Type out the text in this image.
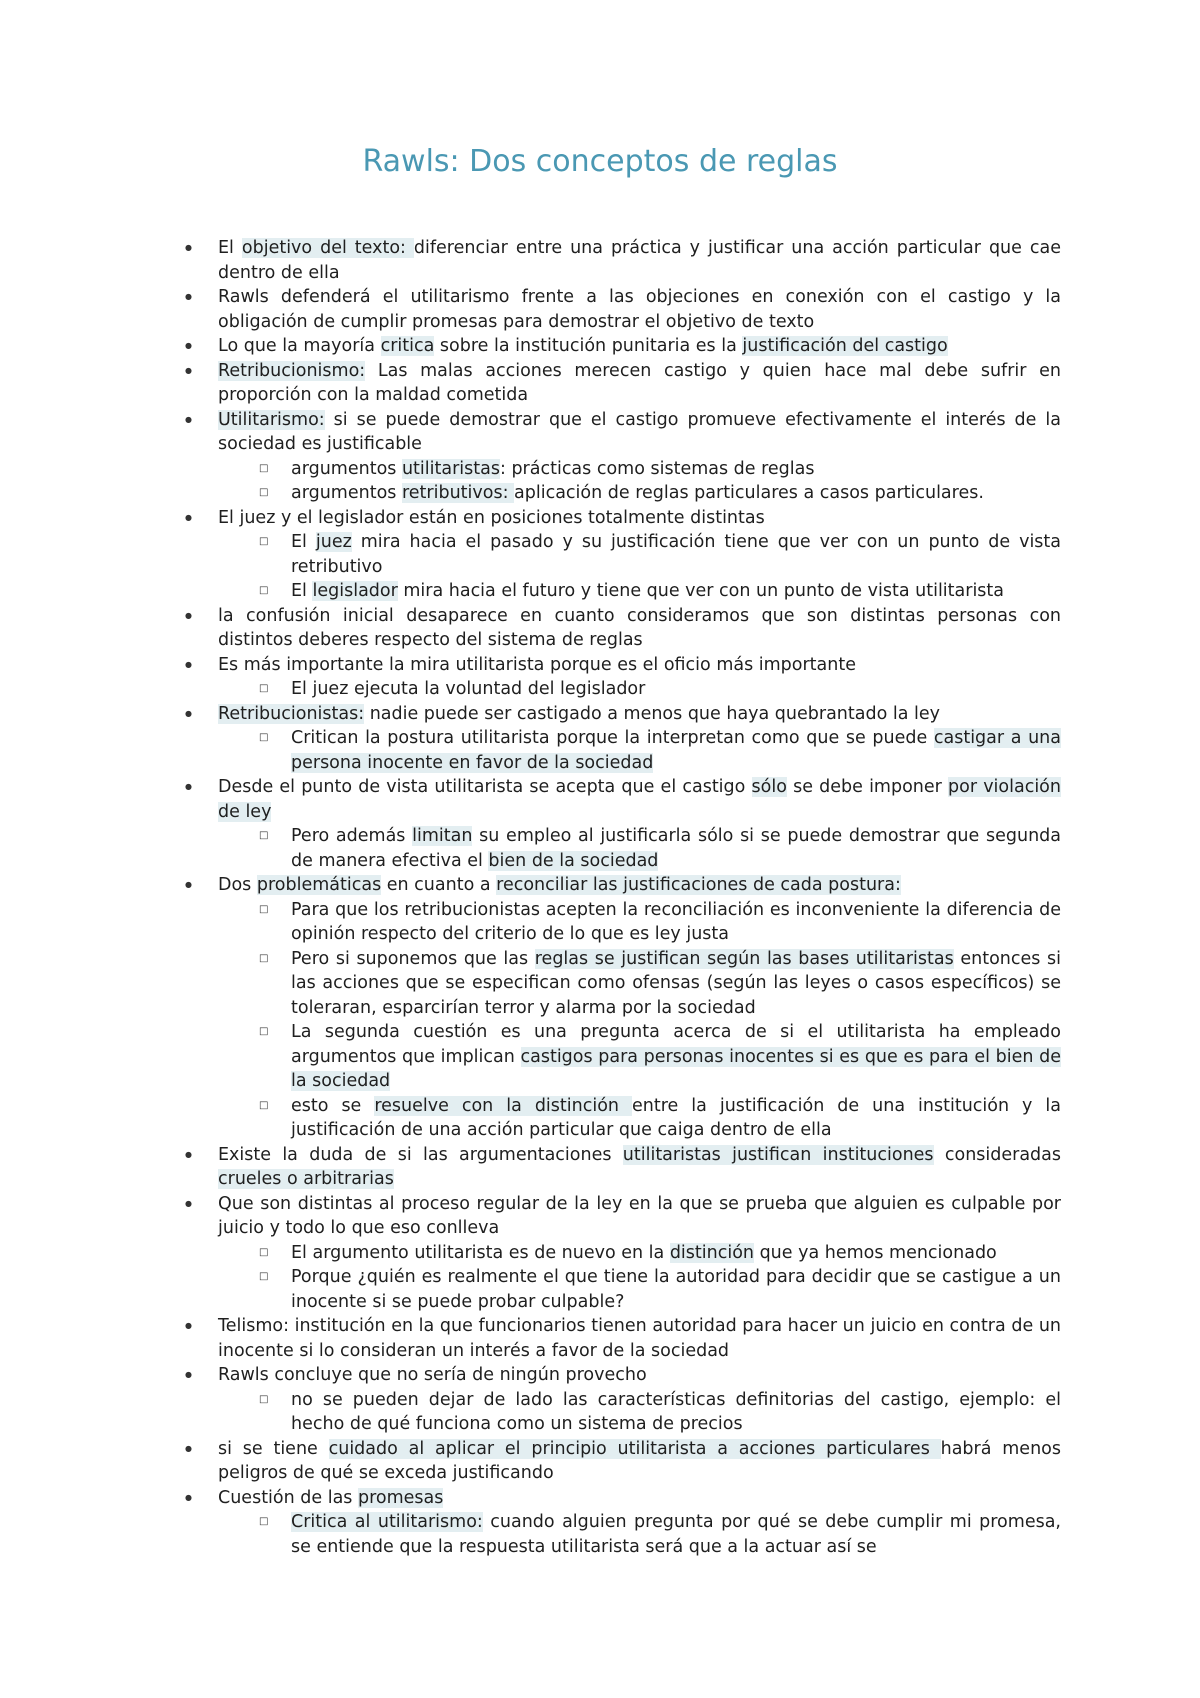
Rawls: Dos conceptos de reglas
● El objetivo del texto: diferenciar entre una práctica y justificar una acción particular que cae dentro de ella
● Rawls defenderá el utilitarismo frente a las objeciones en conexión con el castigo y la obligación de cumplir promesas para demostrar el objetivo de texto
● Lo que la mayoría critica sobre la institución punitaria es la justificación del castigo
● Retribucionismo: Las malas acciones merecen castigo y quien hace mal debe sufrir en proporción con la maldad cometida
● Utilitarismo: si se puede demostrar que el castigo promueve efectivamente el interés de la sociedad es justificable
□ argumentos utilitaristas: prácticas como sistemas de reglas
□ argumentos retributivos: aplicación de reglas particulares a casos particulares.
● El juez y el legislador están en posiciones totalmente distintas
□ El juez mira hacia el pasado y su justificación tiene que ver con un punto de vista retributivo
□ El legislador mira hacia el futuro y tiene que ver con un punto de vista utilitarista
● la confusión inicial desaparece en cuanto consideramos que son distintas personas con distintos deberes respecto del sistema de reglas
● Es más importante la mira utilitarista porque es el oficio más importante
□ El juez ejecuta la voluntad del legislador
● Retribucionistas: nadie puede ser castigado a menos que haya quebrantado la ley
□ Critican la postura utilitarista porque la interpretan como que se puede castigar a una persona inocente en favor de la sociedad
● Desde el punto de vista utilitarista se acepta que el castigo sólo se debe imponer por violación de ley
□ Pero además limitan su empleo al justificarla sólo si se puede demostrar que segunda de manera efectiva el bien de la sociedad
● Dos problemáticas en cuanto a reconciliar las justificaciones de cada postura:
□ Para que los retribucionistas acepten la reconciliación es inconveniente la diferencia de opinión respecto del criterio de lo que es ley justa
□ Pero si suponemos que las reglas se justifican según las bases utilitaristas entonces si las acciones que se especifican como ofensas (según las leyes o casos específicos) se toleraran, esparcirían terror y alarma por la sociedad
□ La segunda cuestión es una pregunta acerca de si el utilitarista ha empleado argumentos que implican castigos para personas inocentes si es que es para el bien de la sociedad
□ esto se resuelve con la distinción entre la justificación de una institución y la justificación de una acción particular que caiga dentro de ella
● Existe la duda de si las argumentaciones utilitaristas justifican instituciones consideradas crueles o arbitrarias
● Que son distintas al proceso regular de la ley en la que se prueba que alguien es culpable por juicio y todo lo que eso conlleva
□ El argumento utilitarista es de nuevo en la distinción que ya hemos mencionado
□ Porque ¿quién es realmente el que tiene la autoridad para decidir que se castigue a un inocente si se puede probar culpable?
● Telismo: institución en la que funcionarios tienen autoridad para hacer un juicio en contra de un inocente si lo consideran un interés a favor de la sociedad
● Rawls concluye que no sería de ningún provecho
□ no se pueden dejar de lado las características definitorias del castigo, ejemplo: el hecho de qué funciona como un sistema de precios
● si se tiene cuidado al aplicar el principio utilitarista a acciones particulares habrá menos peligros de qué se exceda justificando
● Cuestión de las promesas
□ Critica al utilitarismo: cuando alguien pregunta por qué se debe cumplir mi promesa, se entiende que la respuesta utilitarista será que a la actuar así se
